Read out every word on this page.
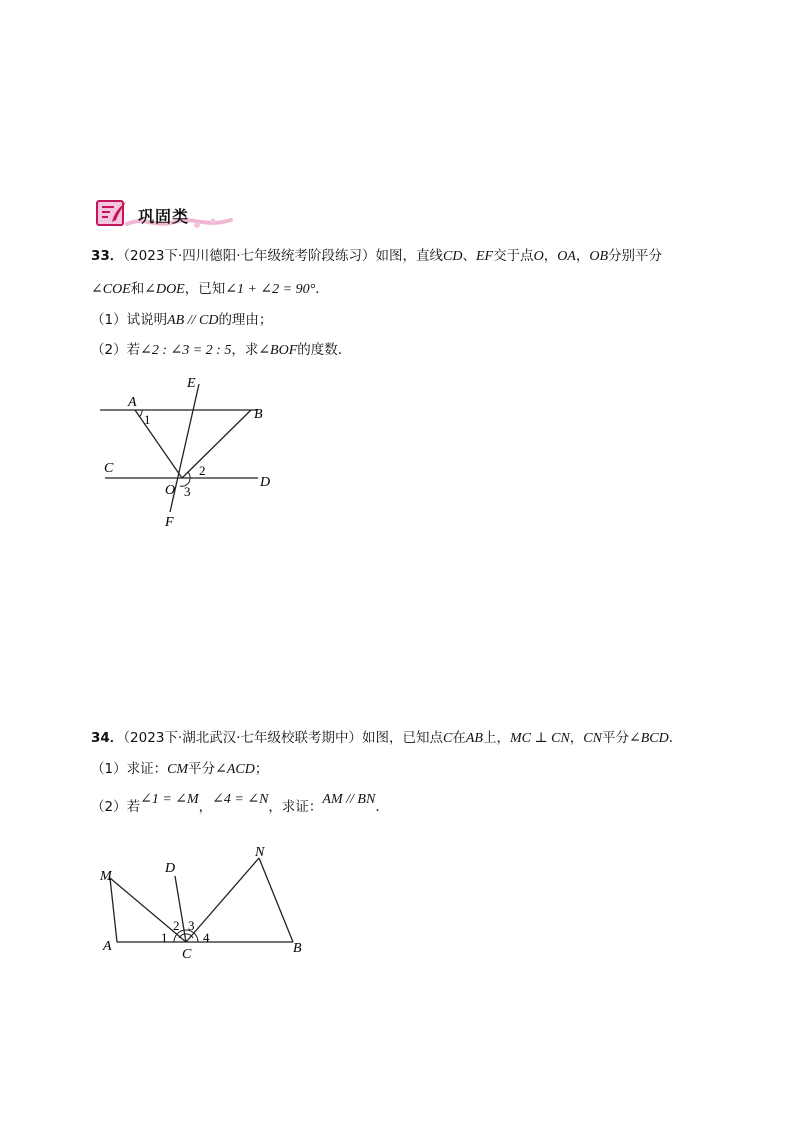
巩固类
33．（2023下·四川德阳·七年级统考阶段练习）如图，直线CD、EF交于点O，OA，OB分别平分
∠COE和∠DOE，已知∠1 + ∠2 = 90°．
（1）试说明AB // CD的理由；
（2）若∠2 : ∠3 = 2 : 5，求∠BOF的度数．
E
A
B
1
C	2
D
O 3
F
34．（2023下·湖北武汉·七年级校联考期中）如图，已知点C在AB上，MC ⊥ CN，CN平分∠BCD．
（1）求证：CM平分∠ACD；
（2）若∠1 = ∠M，∠4 = ∠N，求证：AM // BN．
N
D
M
2 3
1	4
A
C	B
